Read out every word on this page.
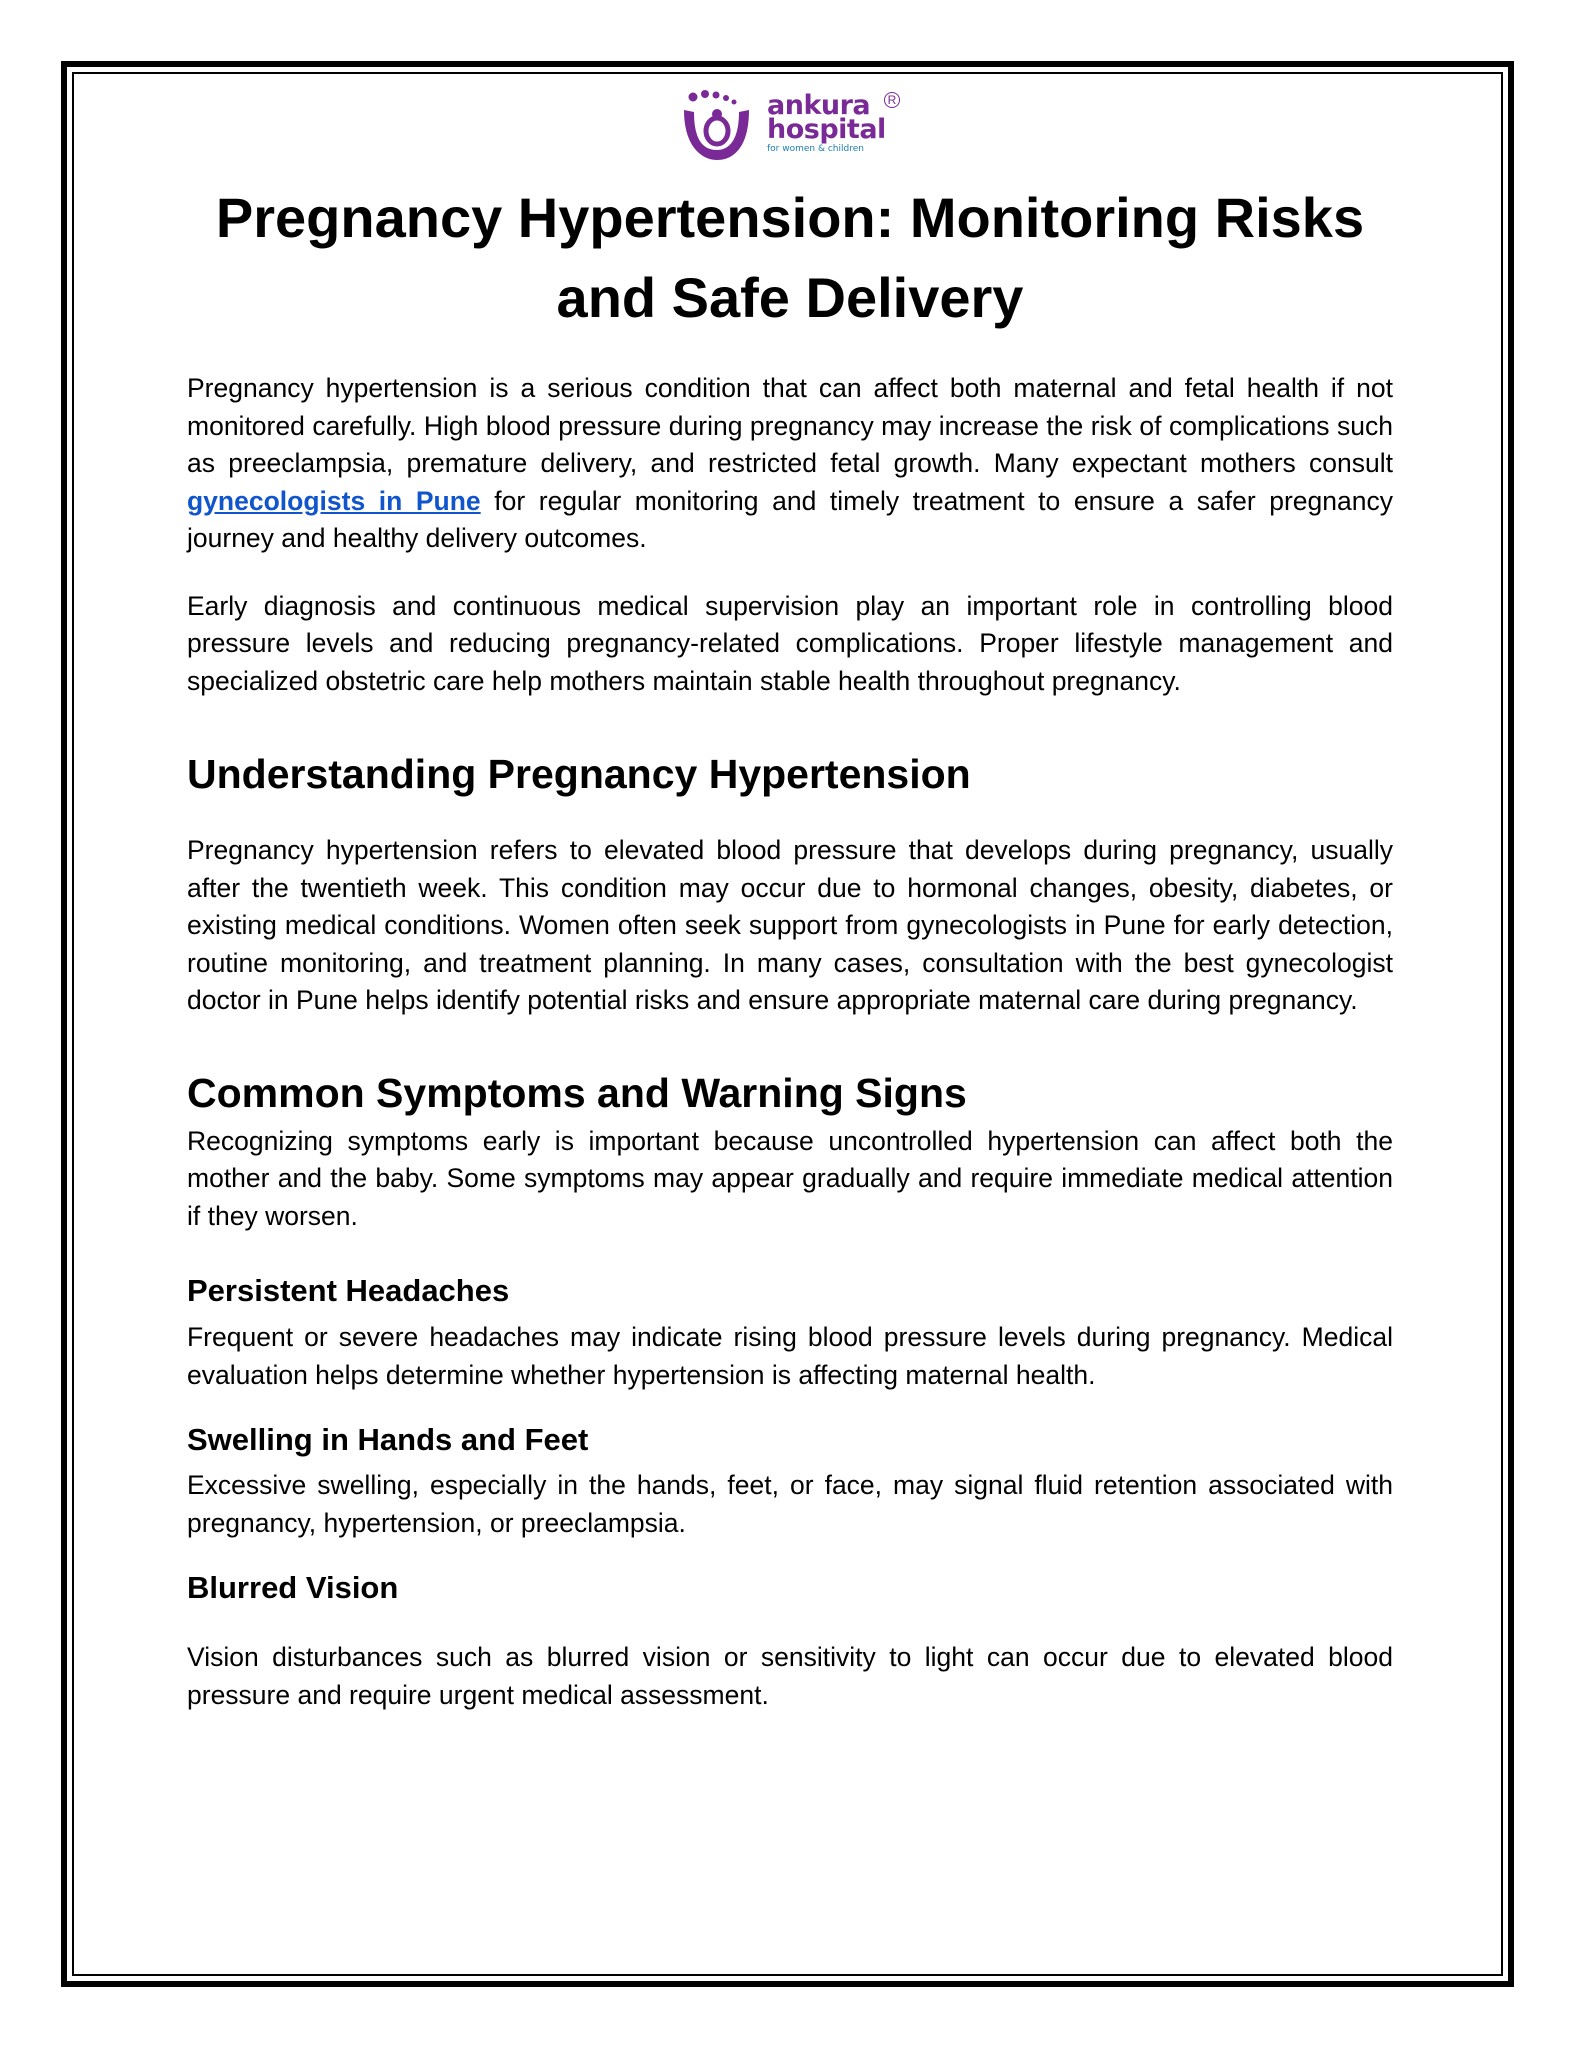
ankura
hospital
for women & children
R
Pregnancy Hypertension: Monitoring Risks and Safe Delivery

Pregnancy hypertension is a serious condition that can affect both maternal and fetal health if not monitored carefully. High blood pressure during pregnancy may increase the risk of complications such as preeclampsia, premature delivery, and restricted fetal growth. Many expectant mothers consult gynecologists in Pune for regular monitoring and timely treatment to ensure a safer pregnancy journey and healthy delivery outcomes.

Early diagnosis and continuous medical supervision play an important role in controlling blood pressure levels and reducing pregnancy-related complications. Proper lifestyle management and specialized obstetric care help mothers maintain stable health throughout pregnancy.

Understanding Pregnancy Hypertension

Pregnancy hypertension refers to elevated blood pressure that develops during pregnancy, usually after the twentieth week. This condition may occur due to hormonal changes, obesity, diabetes, or existing medical conditions. Women often seek support from gynecologists in Pune for early detection, routine monitoring, and treatment planning. In many cases, consultation with the best gynecologist doctor in Pune helps identify potential risks and ensure appropriate maternal care during pregnancy.

Common Symptoms and Warning Signs

Recognizing symptoms early is important because uncontrolled hypertension can affect both the mother and the baby. Some symptoms may appear gradually and require immediate medical attention if they worsen.

Persistent Headaches

Frequent or severe headaches may indicate rising blood pressure levels during pregnancy. Medical evaluation helps determine whether hypertension is affecting maternal health.

Swelling in Hands and Feet

Excessive swelling, especially in the hands, feet, or face, may signal fluid retention associated with pregnancy, hypertension, or preeclampsia.

Blurred Vision

Vision disturbances such as blurred vision or sensitivity to light can occur due to elevated blood pressure and require urgent medical assessment.
